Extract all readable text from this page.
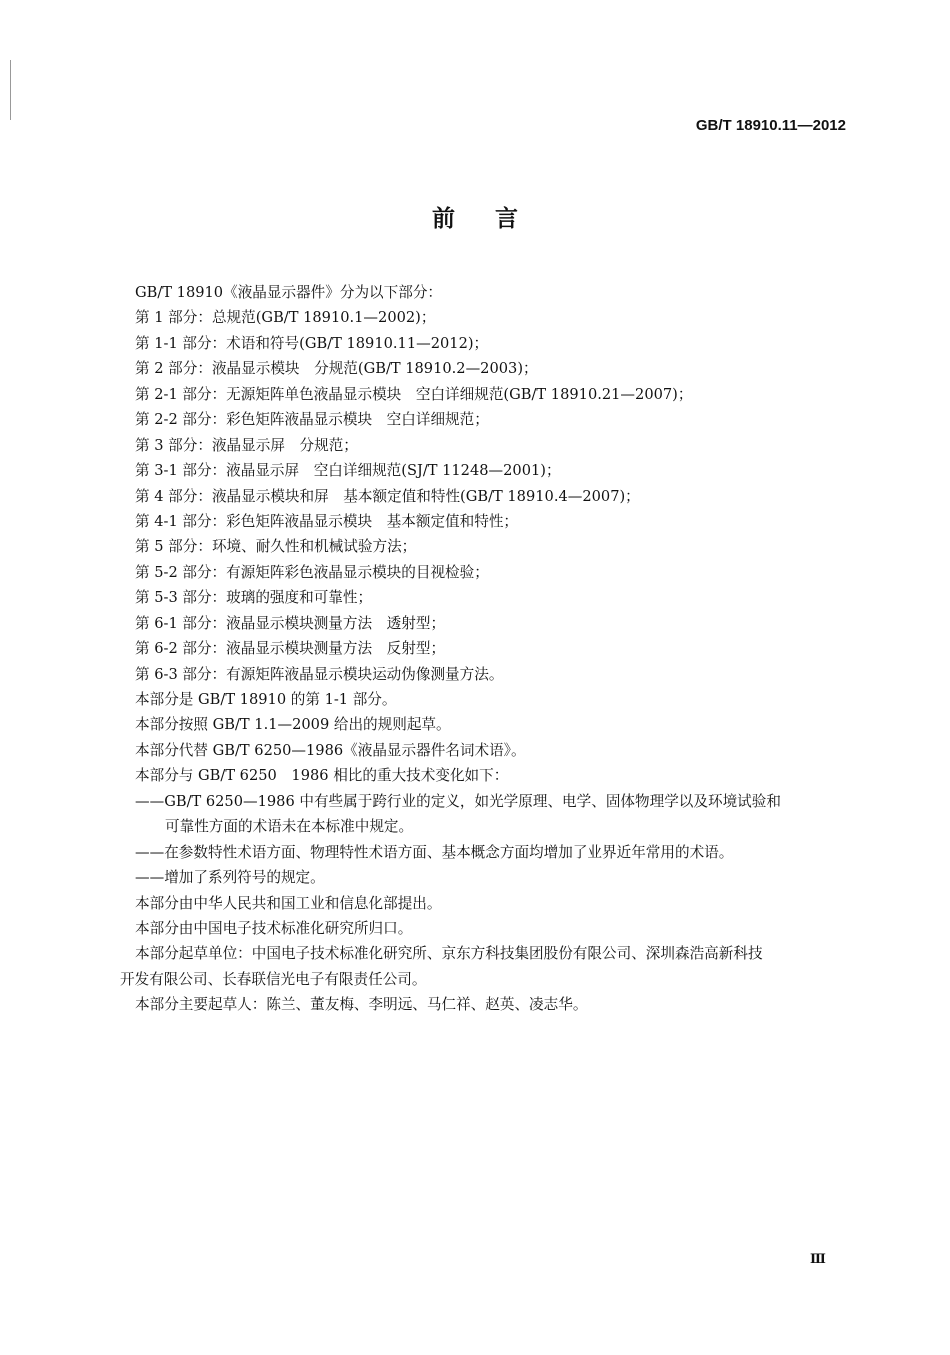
GB/T 18910.11—2012
前言
GB/T 18910《液晶显示器件》分为以下部分：
第 1 部分：总规范(GB/T 18910.1—2002)；
第 1-1 部分：术语和符号(GB/T 18910.11—2012)；
第 2 部分：液晶显示模块　分规范(GB/T 18910.2—2003)；
第 2-1 部分：无源矩阵单色液晶显示模块　空白详细规范(GB/T 18910.21—2007)；
第 2-2 部分：彩色矩阵液晶显示模块　空白详细规范；
第 3 部分：液晶显示屏　分规范；
第 3-1 部分：液晶显示屏　空白详细规范(SJ/T 11248—2001)；
第 4 部分：液晶显示模块和屏　基本额定值和特性(GB/T 18910.4—2007)；
第 4-1 部分：彩色矩阵液晶显示模块　基本额定值和特性；
第 5 部分：环境、耐久性和机械试验方法；
第 5-2 部分：有源矩阵彩色液晶显示模块的目视检验；
第 5-3 部分：玻璃的强度和可靠性；
第 6-1 部分：液晶显示模块测量方法　透射型；
第 6-2 部分：液晶显示模块测量方法　反射型；
第 6-3 部分：有源矩阵液晶显示模块运动伪像测量方法。
本部分是 GB/T 18910 的第 1-1 部分。
本部分按照 GB/T 1.1—2009 给出的规则起草。
本部分代替 GB/T 6250—1986《液晶显示器件名词术语》。
本部分与 GB/T 6250　1986 相比的重大技术变化如下：
——GB/T 6250—1986 中有些属于跨行业的定义，如光学原理、电学、固体物理学以及环境试验和
可靠性方面的术语未在本标准中规定。
——在参数特性术语方面、物理特性术语方面、基本概念方面均增加了业界近年常用的术语。
——增加了系列符号的规定。
本部分由中华人民共和国工业和信息化部提出。
本部分由中国电子技术标准化研究所归口。
本部分起草单位：中国电子技术标准化研究所、京东方科技集团股份有限公司、深圳森浩高新科技
开发有限公司、长春联信光电子有限责任公司。
本部分主要起草人：陈兰、董友梅、李明远、马仁祥、赵英、凌志华。
Ⅲ
